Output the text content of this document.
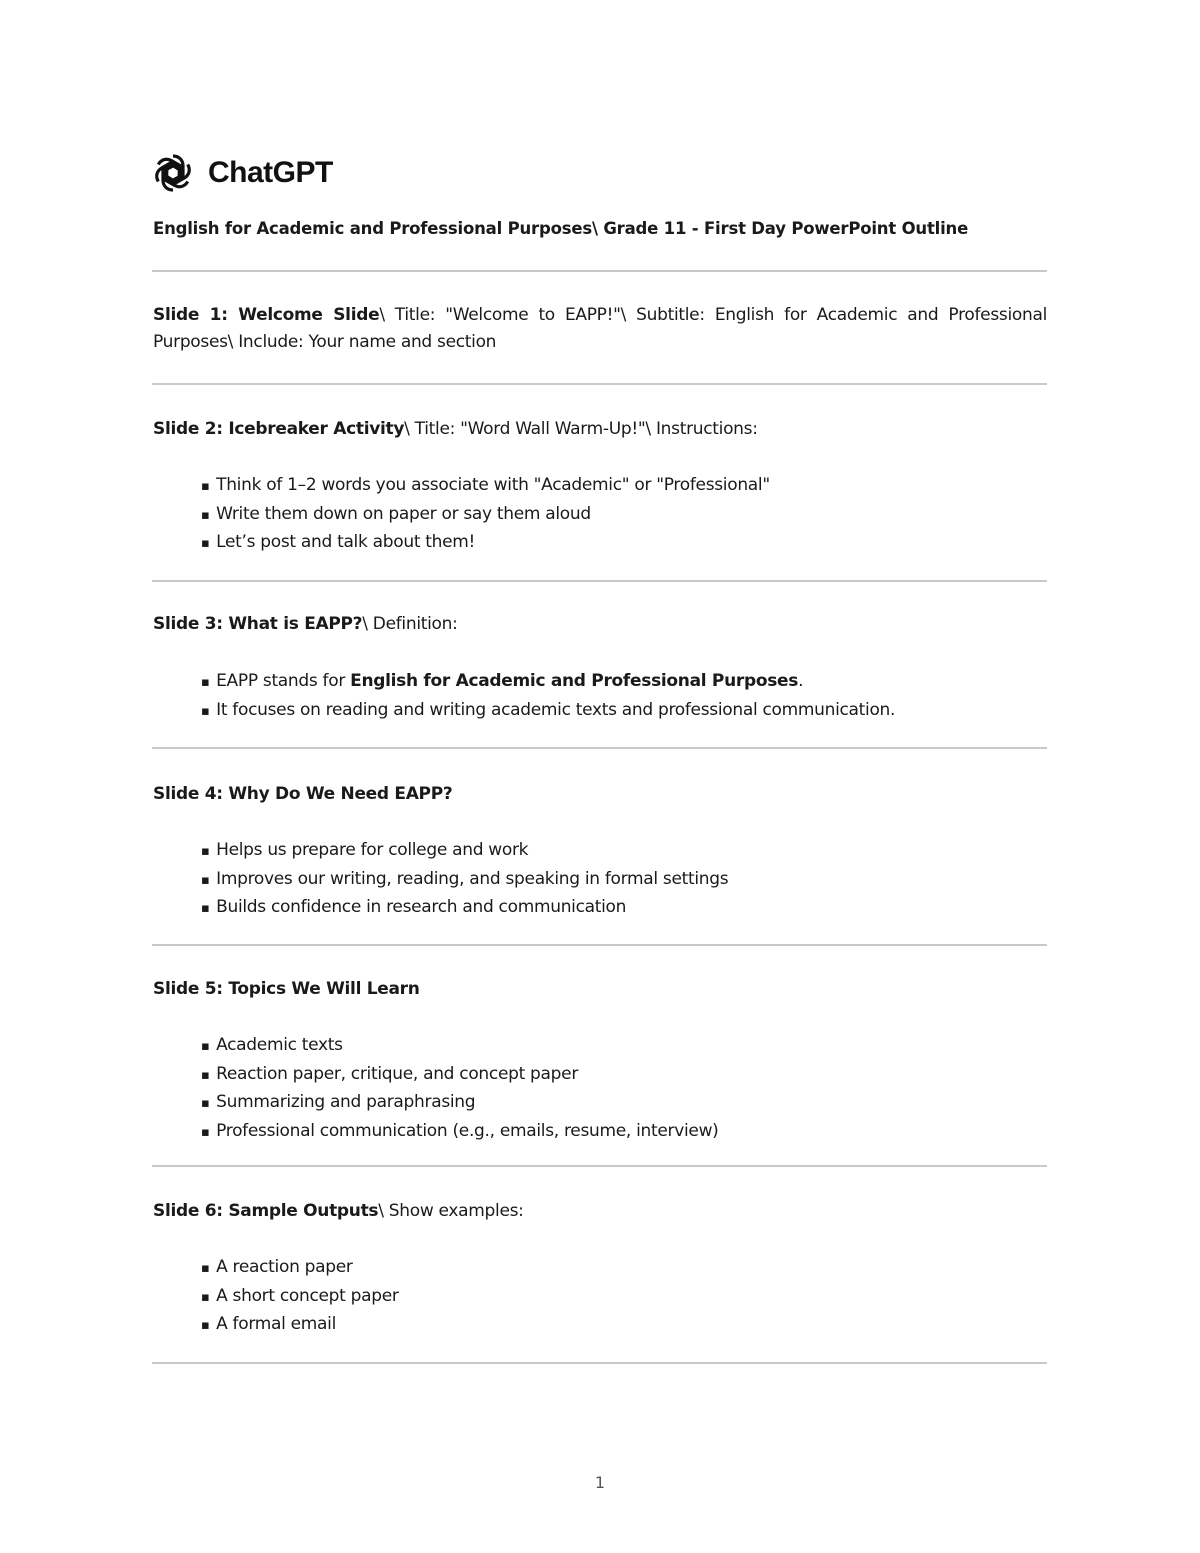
ChatGPT
English for Academic and Professional Purposes\ Grade 11 - First Day PowerPoint Outline
Slide 1: Welcome Slide\ Title: "Welcome to EAPP!"\ Subtitle: English for Academic and Professional Purposes\ Include: Your name and section
Slide 2: Icebreaker Activity\ Title: "Word Wall Warm-Up!"\ Instructions:
▪ Think of 1–2 words you associate with "Academic" or "Professional"
▪ Write them down on paper or say them aloud
▪ Let’s post and talk about them!
Slide 3: What is EAPP?\ Definition:
▪ EAPP stands for English for Academic and Professional Purposes.
▪ It focuses on reading and writing academic texts and professional communication.
Slide 4: Why Do We Need EAPP?
▪ Helps us prepare for college and work
▪ Improves our writing, reading, and speaking in formal settings
▪ Builds confidence in research and communication
Slide 5: Topics We Will Learn
▪ Academic texts
▪ Reaction paper, critique, and concept paper
▪ Summarizing and paraphrasing
▪ Professional communication (e.g., emails, resume, interview)
Slide 6: Sample Outputs\ Show examples:
▪ A reaction paper
▪ A short concept paper
▪ A formal email
1
